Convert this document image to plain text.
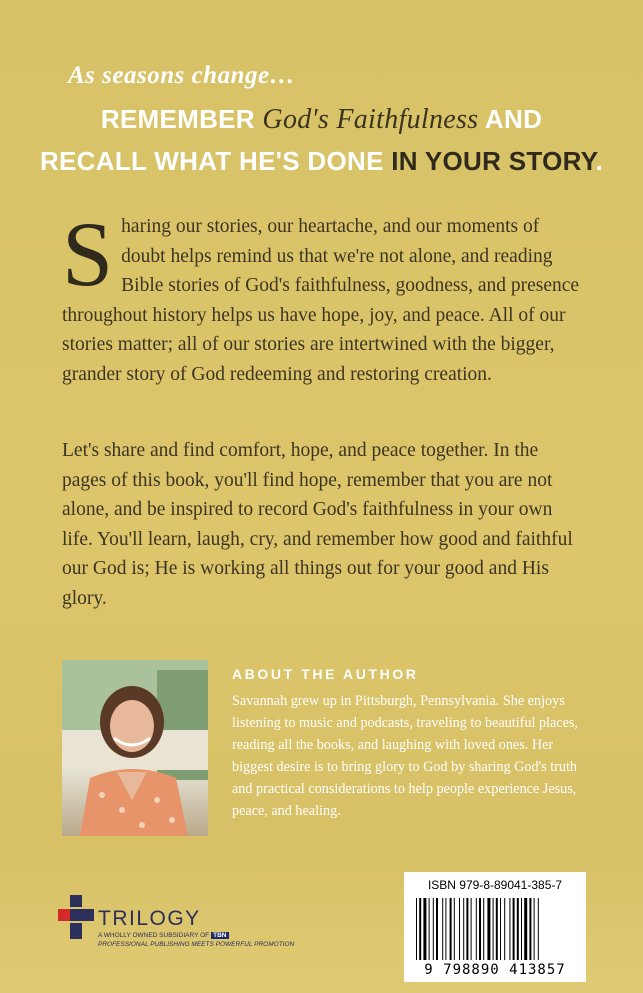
As seasons change…
REMEMBER God's Faithfulness AND
RECALL WHAT HE'S DONE IN YOUR STORY.
Sharing our stories, our heartache, and our moments of doubt helps remind us that we're not alone, and reading Bible stories of God's faithfulness, goodness, and presence throughout history helps us have hope, joy, and peace. All of our stories matter; all of our stories are intertwined with the bigger, grander story of God redeeming and restoring creation.
Let's share and find comfort, hope, and peace together. In the pages of this book, you'll find hope, remember that you are not alone, and be inspired to record God's faithfulness in your own life. You'll learn, laugh, cry, and remember how good and faithful our God is; He is working all things out for your good and His glory.
ABOUT THE AUTHOR
Savannah grew up in Pittsburgh, Pennsylvania. She enjoys listening to music and podcasts, traveling to beautiful places, reading all the books, and laughing with loved ones. Her biggest desire is to bring glory to God by sharing God's truth and practical considerations to help people experience Jesus, peace, and healing.
TRILOGY
A WHOLLY OWNED SUBSIDIARY OF TBN
PROFESSIONAL PUBLISHING MEETS POWERFUL PROMOTION
ISBN 979-8-89041-385-7
9 798890 413857
